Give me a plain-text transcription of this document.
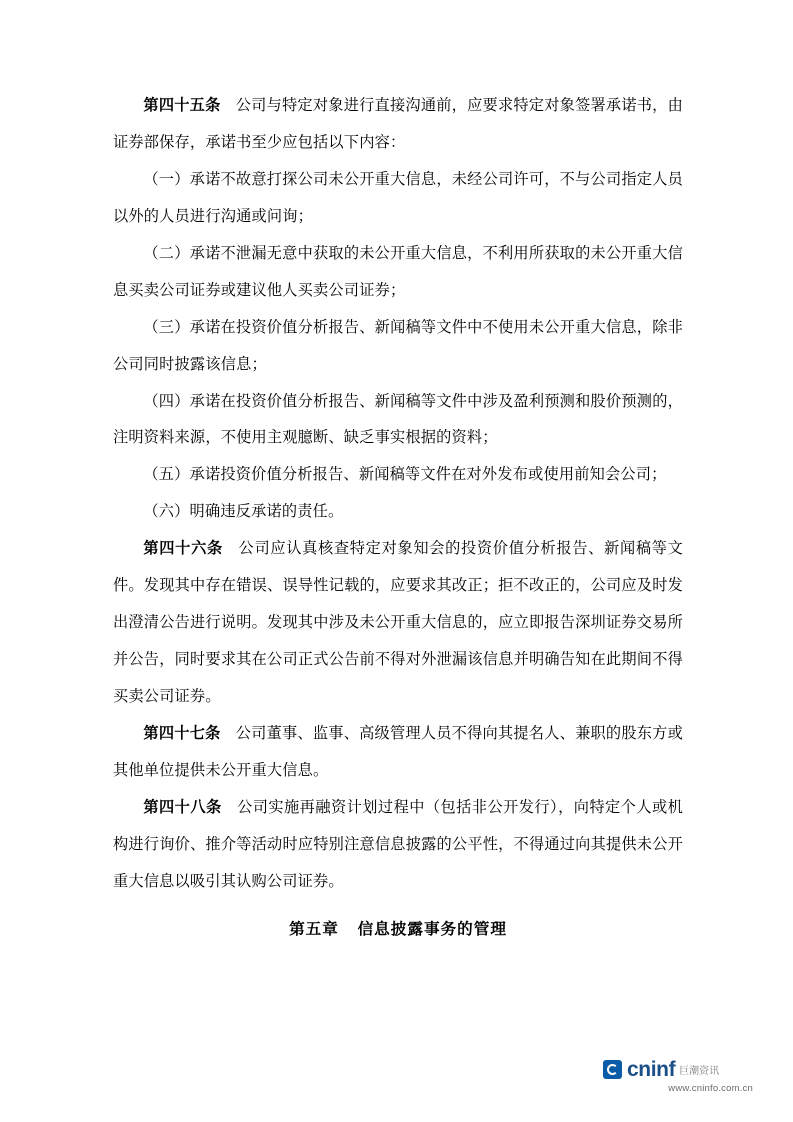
第四十五条 公司与特定对象进行直接沟通前，应要求特定对象签署承诺书，由证券部保存，承诺书至少应包括以下内容：

（一）承诺不故意打探公司未公开重大信息，未经公司许可，不与公司指定人员以外的人员进行沟通或问询；

（二）承诺不泄漏无意中获取的未公开重大信息，不利用所获取的未公开重大信息买卖公司证券或建议他人买卖公司证券；

（三）承诺在投资价值分析报告、新闻稿等文件中不使用未公开重大信息，除非公司同时披露该信息；

（四）承诺在投资价值分析报告、新闻稿等文件中涉及盈利预测和股价预测的，注明资料来源，不使用主观臆断、缺乏事实根据的资料；

（五）承诺投资价值分析报告、新闻稿等文件在对外发布或使用前知会公司；

（六）明确违反承诺的责任。

第四十六条 公司应认真核查特定对象知会的投资价值分析报告、新闻稿等文件。发现其中存在错误、误导性记载的，应要求其改正；拒不改正的，公司应及时发出澄清公告进行说明。发现其中涉及未公开重大信息的，应立即报告深圳证券交易所并公告，同时要求其在公司正式公告前不得对外泄漏该信息并明确告知在此期间不得买卖公司证券。

第四十七条 公司董事、监事、高级管理人员不得向其提名人、兼职的股东方或其他单位提供未公开重大信息。

第四十八条 公司实施再融资计划过程中（包括非公开发行），向特定个人或机构进行询价、推介等活动时应特别注意信息披露的公平性，不得通过向其提供未公开重大信息以吸引其认购公司证券。

第五章 信息披露事务的管理

cninf 巨潮资讯
www.cninfo.com.cn
